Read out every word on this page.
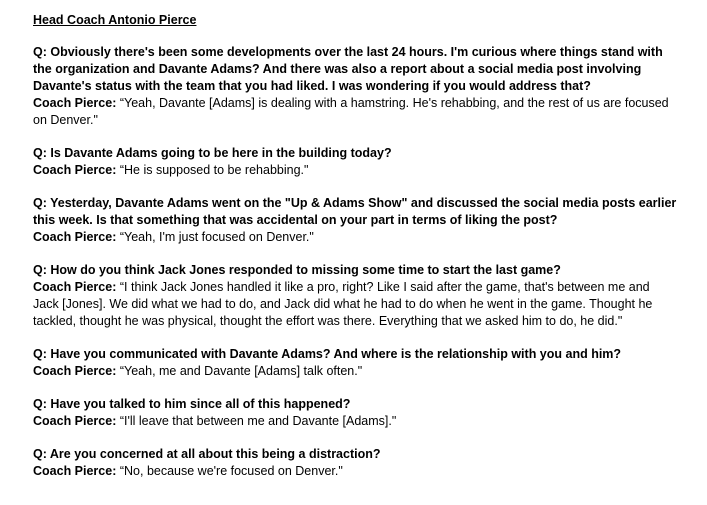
Head Coach Antonio Pierce

Q: Obviously there's been some developments over the last 24 hours. I'm curious where things stand with the organization and Davante Adams? And there was also a report about a social media post involving Davante's status with the team that you had liked. I was wondering if you would address that?

Coach Pierce: “Yeah, Davante [Adams] is dealing with a hamstring. He's rehabbing, and the rest of us are focused on Denver."

Q: Is Davante Adams going to be here in the building today?

Coach Pierce: “He is supposed to be rehabbing."

Q: Yesterday, Davante Adams went on the "Up & Adams Show" and discussed the social media posts earlier this week. Is that something that was accidental on your part in terms of liking the post?

Coach Pierce: “Yeah, I'm just focused on Denver."

Q: How do you think Jack Jones responded to missing some time to start the last game?

Coach Pierce: “I think Jack Jones handled it like a pro, right? Like I said after the game, that's between me and Jack [Jones]. We did what we had to do, and Jack did what he had to do when he went in the game. Thought he tackled, thought he was physical, thought the effort was there. Everything that we asked him to do, he did."

Q: Have you communicated with Davante Adams? And where is the relationship with you and him?

Coach Pierce: “Yeah, me and Davante [Adams] talk often."

Q: Have you talked to him since all of this happened?

Coach Pierce: “I'll leave that between me and Davante [Adams]."

Q: Are you concerned at all about this being a distraction?

Coach Pierce: “No, because we're focused on Denver."
